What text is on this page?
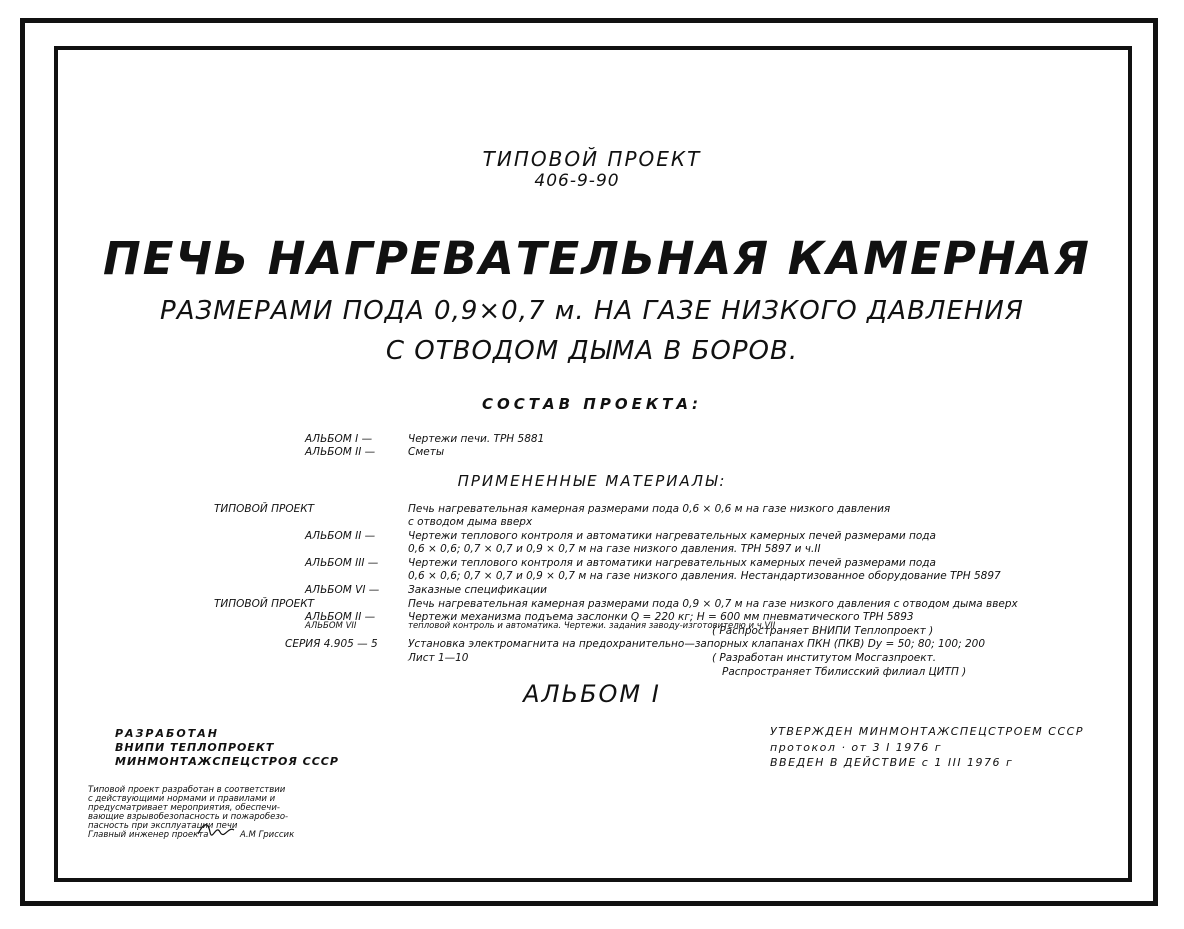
ТИПОВОЙ ПРОЕКТ
406-9-90
ПЕЧЬ НАГРЕВАТЕЛЬНАЯ КАМЕРНАЯ
РАЗМЕРАМИ ПОДА 0,9×0,7 м. НА ГАЗЕ НИЗКОГО ДАВЛЕНИЯ
С ОТВОДОМ ДЫМА В БОРОВ.
СОСТАВ ПРОЕКТА:
АЛЬБОМ I —	Чертежи печи. ТРН 5881
АЛЬБОМ II —	Сметы
ПРИМЕНЕННЫЕ МАТЕРИАЛЫ:
ТИПОВОЙ ПРОЕКТ	Печь нагревательная камерная размерами пода 0,6 × 0,6 м на газе низкого давления
с отводом дыма вверх
АЛЬБОМ II —	Чертежи теплового контроля и автоматики нагревательных камерных печей размерами пода
0,6 × 0,6; 0,7 × 0,7 и 0,9 × 0,7 м на газе низкого давления. ТРН 5897 и ч.II
АЛЬБОМ III —	Чертежи теплового контроля и автоматики нагревательных камерных печей размерами пода
0,6 × 0,6; 0,7 × 0,7 и 0,9 × 0,7 м на газе низкого давления. Нестандартизованное оборудование ТРН 5897
АЛЬБОМ VI —	Заказные спецификации
ТИПОВОЙ ПРОЕКТ	Печь нагревательная камерная размерами пода 0,9 × 0,7 м на газе низкого давления с отводом дыма вверх
АЛЬБОМ II —	Чертежи механизма подъема заслонки Q = 220 кг; H = 600 мм пневматического ТРН 5893
АЛЬБОМ VII	тепловой контроль и автоматика. Чертежи. задания заводу-изготовителю и ч.VII
( Распространяет ВНИПИ Теплопроект )
СЕРИЯ 4.905 — 5	Установка электромагнита на предохранительно—запорных клапанах ПКН (ПКВ) Dу = 50; 80; 100; 200
Лист 1—10	( Разработан институтом Мосгазпроект.
Распространяет Тбилисский филиал ЦИТП )
АЛЬБОМ I
РАЗРАБОТАН
ВНИПИ ТЕПЛОПРОЕКТ
МИНМОНТАЖСПЕЦСТРОЯ СССР
УТВЕРЖДЕН МИНМОНТАЖСПЕЦСТРОЕМ СССР
протокол · от 3 I 1976 г
ВВЕДЕН В ДЕЙСТВИЕ с 1 III 1976 г
Типовой проект разработан в соответствии
с действующими нормами и правилами и
предусматривает мероприятия, обеспечи-
вающие взрывобезопасность и пожаробезо-
пасность при эксплуатации печи
Главный инженер проекта	А.М Гриссик
